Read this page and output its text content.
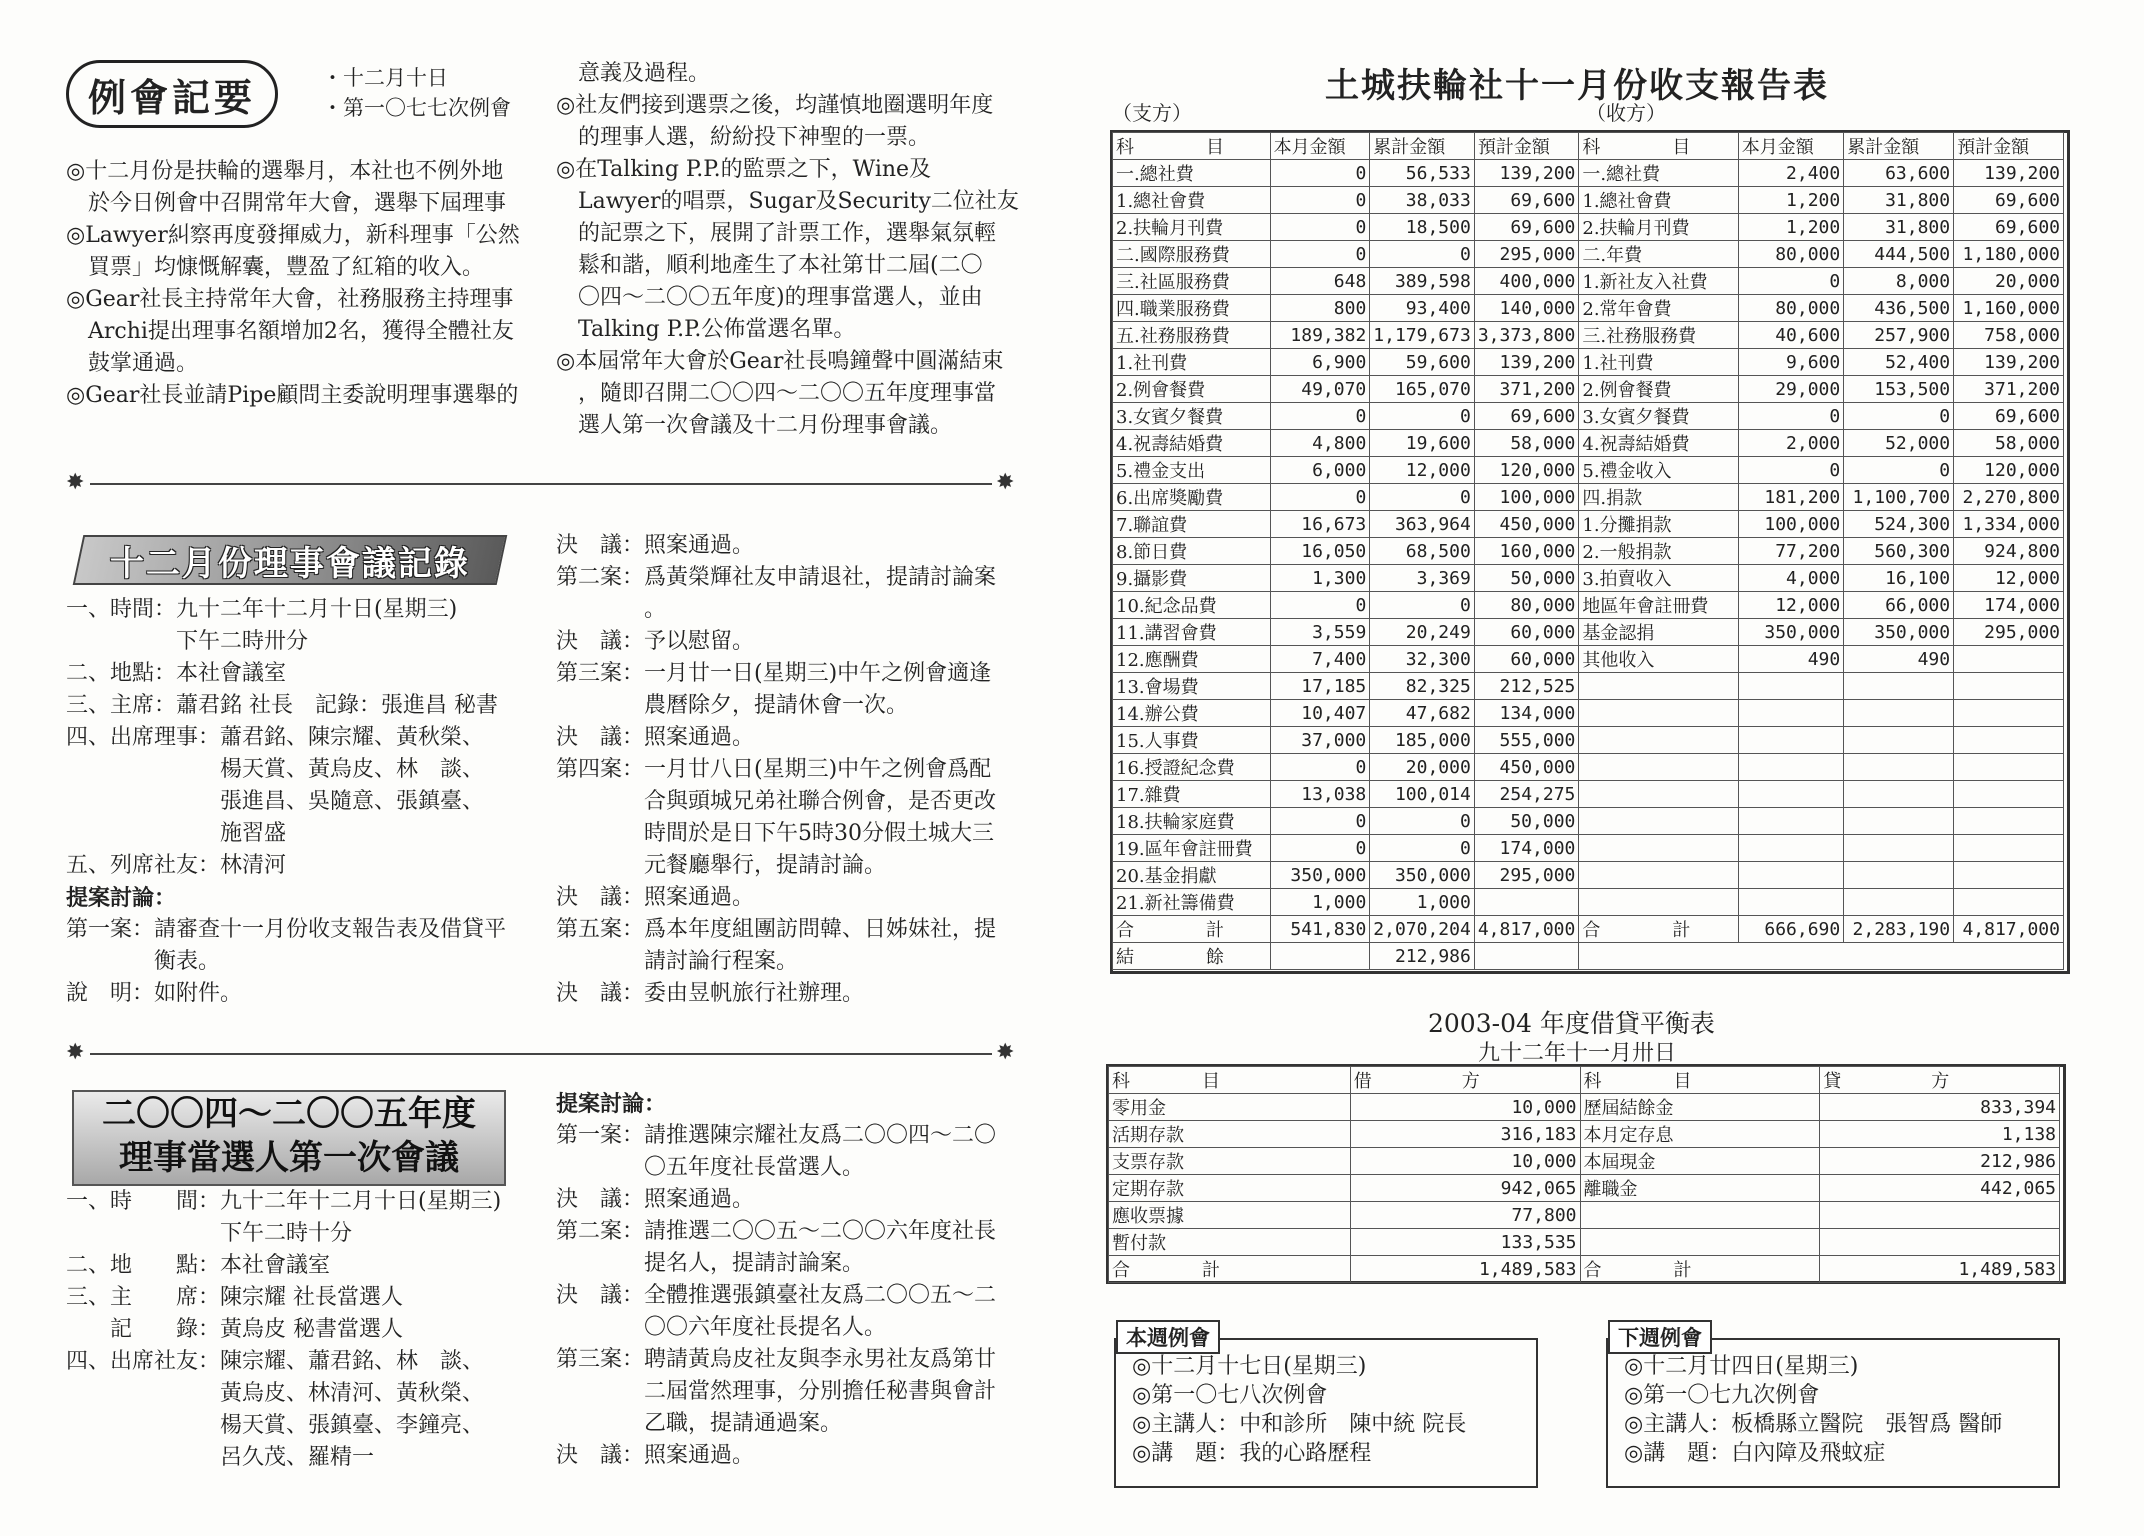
例會記要	・十二月十日
・第一〇七七次例會
◎十二月份是扶輪的選舉月，本社也不例外地
　於今日例會中召開常年大會，選舉下屆理事
◎Lawyer糾察再度發揮威力，新科理事「公然
　買票」均慷慨解囊，豐盈了紅箱的收入。
◎Gear社長主持常年大會，社務服務主持理事
　Archi提出理事名額增加2名，獲得全體社友
　鼓掌通過。
◎Gear社長並請Pipe顧問主委說明理事選舉的
　意義及過程。
◎社友們接到選票之後，均謹慎地圈選明年度
　的理事人選，紛紛投下神聖的一票。
◎在Talking P.P.的監票之下，Wine及
　Lawyer的唱票，Sugar及Security二位社友
　的記票之下，展開了計票工作，選舉氣氛輕
　鬆和諧，順利地產生了本社第廿二屆(二〇
　〇四～二〇〇五年度)的理事當選人，並由
　Talking P.P.公佈當選名單。
◎本屆常年大會於Gear社長鳴鐘聲中圓滿結束
　，隨即召開二〇〇四～二〇〇五年度理事當
　選人第一次會議及十二月份理事會議。
✸	✸
十二月份理事會議記錄
一、時間：九十二年十二月十日(星期三)
　　　　　下午二時卅分
二、地點：本社會議室
三、主席：蕭君銘 社長　記錄：張進昌 秘書
四、出席理事：蕭君銘、陳宗耀、黃秋榮、
　　　　　　　楊天賞、黃烏皮、林　談、
　　　　　　　張進昌、吳隨意、張鎮臺、
　　　　　　　施習盛
五、列席社友：林清河
提案討論：
第一案：請審查十一月份收支報告表及借貸平
　　　　衡表。
說　明：如附件。
決　議：照案通過。
第二案：爲黃榮輝社友申請退社，提請討論案
　　　　。
決　議：予以慰留。
第三案：一月廿一日(星期三)中午之例會適逢
　　　　農曆除夕，提請休會一次。
決　議：照案通過。
第四案：一月廿八日(星期三)中午之例會爲配
　　　　合與頭城兄弟社聯合例會，是否更改
　　　　時間於是日下午5時30分假土城大三
　　　　元餐廳舉行，提請討論。
決　議：照案通過。
第五案：爲本年度組團訪問韓、日姊妹社，提
　　　　請討論行程案。
決　議：委由昱帆旅行社辦理。
✸	✸
二〇〇四～二〇〇五年度
理事當選人第一次會議
一、時　　間：九十二年十二月十日(星期三)
　　　　　　　下午二時十分
二、地　　點：本社會議室
三、主　　席：陳宗耀 社長當選人
　　記　　錄：黃烏皮 秘書當選人
四、出席社友：陳宗耀、蕭君銘、林　談、
　　　　　　　黃烏皮、林清河、黃秋榮、
　　　　　　　楊天賞、張鎮臺、李鐘亮、
　　　　　　　呂久茂、羅精一
提案討論：
第一案：請推選陳宗耀社友爲二〇〇四～二〇
　　　　〇五年度社長當選人。
決　議：照案通過。
第二案：請推選二〇〇五～二〇〇六年度社長
　　　　提名人，提請討論案。
決　議：全體推選張鎮臺社友爲二〇〇五～二
　　　　〇〇六年度社長提名人。
第三案：聘請黃烏皮社友與李永男社友爲第廿
　　　　二屆當然理事，分別擔任秘書與會計
　　　　乙職，提請通過案。
決　議：照案通過。
土城扶輪社十一月份收支報告表
（支方）	（收方）
科　　　　目	本月金額	累計金額	預計金額	科　　　　目	本月金額	累計金額	預計金額
一.總社費	0	56,533	139,200	一.總社費	2,400	63,600	139,200
1.總社會費	0	38,033	69,600	1.總社會費	1,200	31,800	69,600
2.扶輪月刊費	0	18,500	69,600	2.扶輪月刊費	1,200	31,800	69,600
二.國際服務費	0	0	295,000	二.年費	80,000	444,500	1,180,000
三.社區服務費	648	389,598	400,000	1.新社友入社費	0	8,000	20,000
四.職業服務費	800	93,400	140,000	2.常年會費	80,000	436,500	1,160,000
五.社務服務費	189,382	1,179,673	3,373,800	三.社務服務費	40,600	257,900	758,000
1.社刊費	6,900	59,600	139,200	1.社刊費	9,600	52,400	139,200
2.例會餐費	49,070	165,070	371,200	2.例會餐費	29,000	153,500	371,200
3.女賓夕餐費	0	0	69,600	3.女賓夕餐費	0	0	69,600
4.祝壽結婚費	4,800	19,600	58,000	4.祝壽結婚費	2,000	52,000	58,000
5.禮金支出	6,000	12,000	120,000	5.禮金收入	0	0	120,000
6.出席獎勵費	0	0	100,000	四.捐款	181,200	1,100,700	2,270,800
7.聯誼費	16,673	363,964	450,000	1.分攤捐款	100,000	524,300	1,334,000
8.節日費	16,050	68,500	160,000	2.一般捐款	77,200	560,300	924,800
9.攝影費	1,300	3,369	50,000	3.拍賣收入	4,000	16,100	12,000
10.紀念品費	0	0	80,000	地區年會註冊費	12,000	66,000	174,000
11.講習會費	3,559	20,249	60,000	基金認捐	350,000	350,000	295,000
12.應酬費	7,400	32,300	60,000	其他收入	490	490	
13.會場費	17,185	82,325	212,525				
14.辦公費	10,407	47,682	134,000				
15.人事費	37,000	185,000	555,000				
16.授證紀念費	0	20,000	450,000				
17.雜費	13,038	100,014	254,275				
18.扶輪家庭費	0	0	50,000				
19.區年會註冊費	0	0	174,000				
20.基金捐獻	350,000	350,000	295,000				
21.新社籌備費	1,000	1,000					
合　　　　計	541,830	2,070,204	4,817,000	合　　　　計	666,690	2,283,190	4,817,000
結　　　　餘		212,986					
2003-04 年度借貸平衡表
九十二年十一月卅日
科　　　　目	借　　　　　方	科　　　　目	貸　　　　　方
零用金	10,000	歷屆結餘金	833,394
活期存款	316,183	本月定存息	1,138
支票存款	10,000	本屆現金	212,986
定期存款	942,065	離職金	442,065
應收票據	77,800		
暫付款	133,535		
合　　　　計	1,489,583	合　　　　計	1,489,583
本週例會
◎十二月十七日(星期三)
◎第一〇七八次例會
◎主講人：中和診所　陳中統 院長
◎講　題：我的心路歷程
下週例會
◎十二月廿四日(星期三)
◎第一〇七九次例會
◎主講人：板橋縣立醫院　張智爲 醫師
◎講　題：白內障及飛蚊症
